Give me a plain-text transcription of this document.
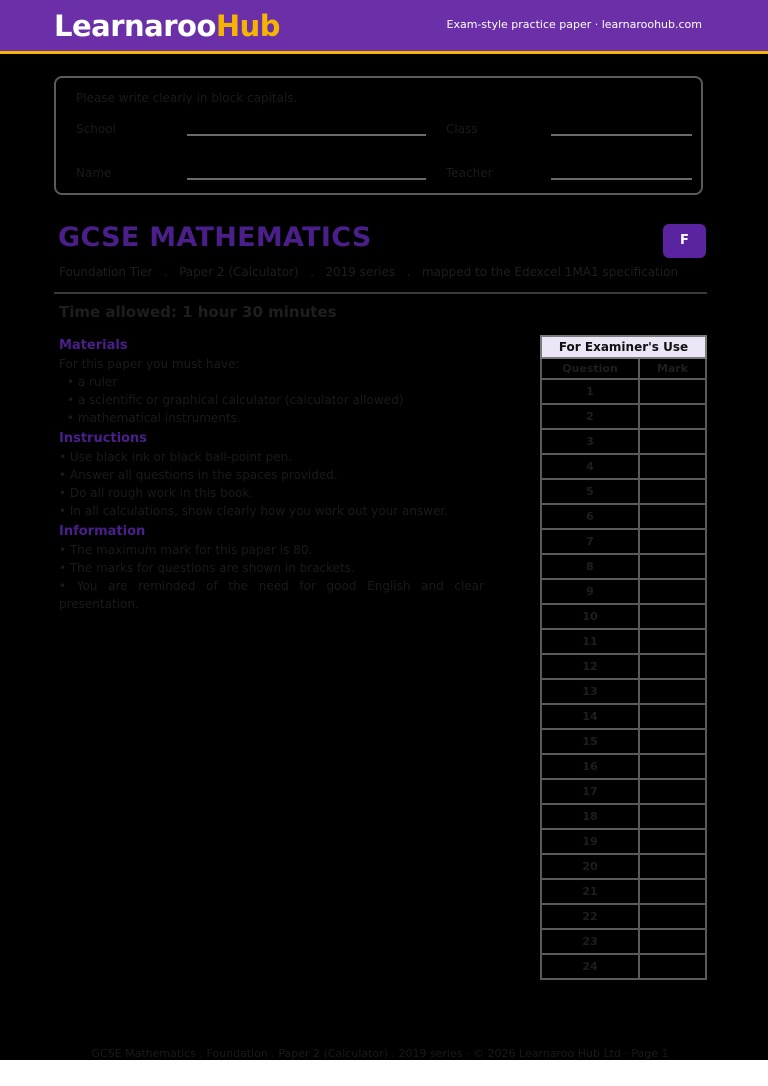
LearnarooHub	Exam-style practice paper · learnaroohub.com
Please write clearly in block capitals.
School	Class
Name	Teacher
GCSE MATHEMATICS	F
Foundation Tier   .   Paper 2 (Calculator)   .   2019 series   .   mapped to the Edexcel 1MA1 specification
Time allowed: 1 hour 30 minutes

Materials

For this paper you must have:

• a ruler
• a scientific or graphical calculator (calculator allowed)
• mathematical instruments.

Instructions

• Use black ink or black ball-point pen.
• Answer all questions in the spaces provided.
• Do all rough work in this book.
• In all calculations, show clearly how you work out your answer.

Information

• The maximum mark for this paper is 80.
• The marks for questions are shown in brackets.
• You are reminded of the need for good English and clear presentation.
For Examiner's Use	
Question	Mark
1	
2	
3	
4	
5	
6	
7	
8	
9	
10	
11	
12	
13	
14	
15	
16	
17	
18	
19	
20	
21	
22	
23	
24	
GCSE Mathematics . Foundation . Paper 2 (Calculator) . 2019 series · © 2026 Learnaroo Hub Ltd · Page 1
